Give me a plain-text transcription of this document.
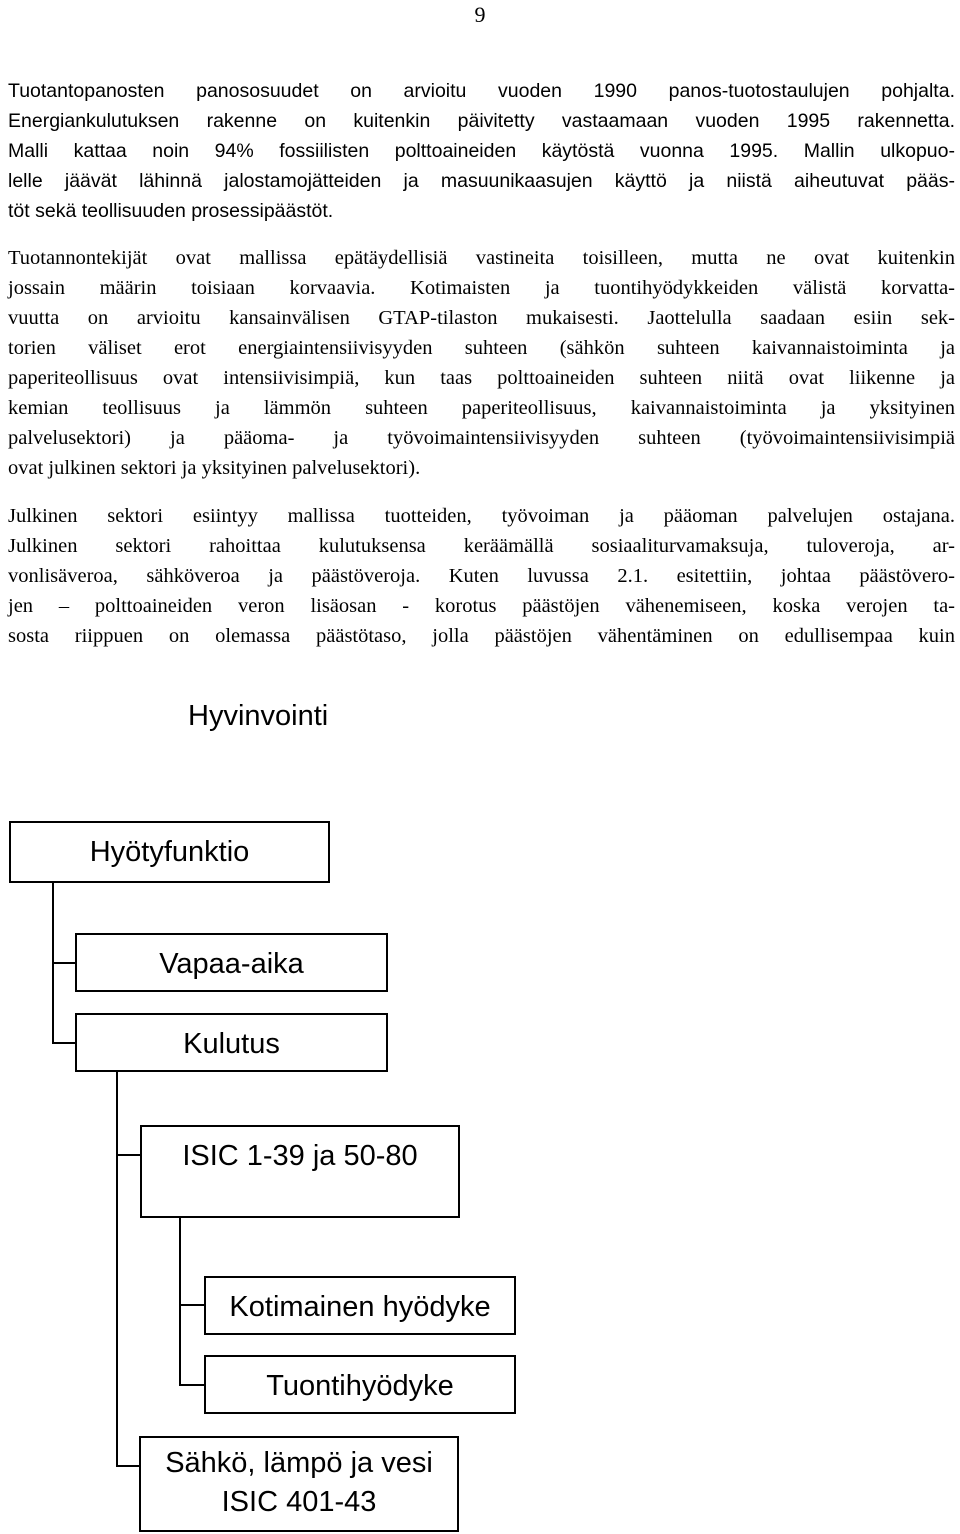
9
Tuotantopanosten panososuudet on arvioitu vuoden 1990 panos-tuotostaulujen pohjalta.
Energiankulutuksen rakenne on kuitenkin päivitetty vastaamaan vuoden 1995 rakennetta.
Malli kattaa noin 94% fossiilisten polttoaineiden käytöstä vuonna 1995. Mallin ulkopuo-
lelle jäävät lähinnä jalostamojätteiden ja masuunikaasujen käyttö ja niistä aiheutuvat pääs-
töt sekä teollisuuden prosessipäästöt.
Tuotannontekijät ovat mallissa epätäydellisiä vastineita toisilleen, mutta ne ovat kuitenkin
jossain määrin toisiaan korvaavia. Kotimaisten ja tuontihyödykkeiden välistä korvatta-
vuutta on arvioitu kansainvälisen GTAP-tilaston mukaisesti. Jaottelulla saadaan esiin sek-
torien väliset erot energiaintensiivisyyden suhteen (sähkön suhteen kaivannaistoiminta ja
paperiteollisuus ovat intensiivisimpiä, kun taas polttoaineiden suhteen niitä ovat liikenne ja
kemian teollisuus ja lämmön suhteen paperiteollisuus, kaivannaistoiminta ja yksityinen
palvelusektori) ja pääoma- ja työvoimaintensiivisyyden suhteen (työvoimaintensiivisimpiä
ovat julkinen sektori ja yksityinen palvelusektori).
Julkinen sektori esiintyy mallissa tuotteiden, työvoiman ja pääoman palvelujen ostajana.
Julkinen sektori rahoittaa kulutuksensa keräämällä sosiaaliturvamaksuja, tuloveroja, ar-
vonlisäveroa, sähköveroa ja päästöveroja. Kuten luvussa 2.1. esitettiin, johtaa päästövero-
jen – polttoaineiden veron lisäosan - korotus päästöjen vähenemiseen, koska verojen ta-
sosta riippuen on olemassa päästötaso, jolla päästöjen vähentäminen on edullisempaa kuin
Hyvinvointi
Hyötyfunktio
Vapaa-aika
Kulutus
ISIC 1-39 ja 50-80
Kotimainen hyödyke
Tuontihyödyke
Sähkö, lämpö ja vesi
ISIC 401-43
